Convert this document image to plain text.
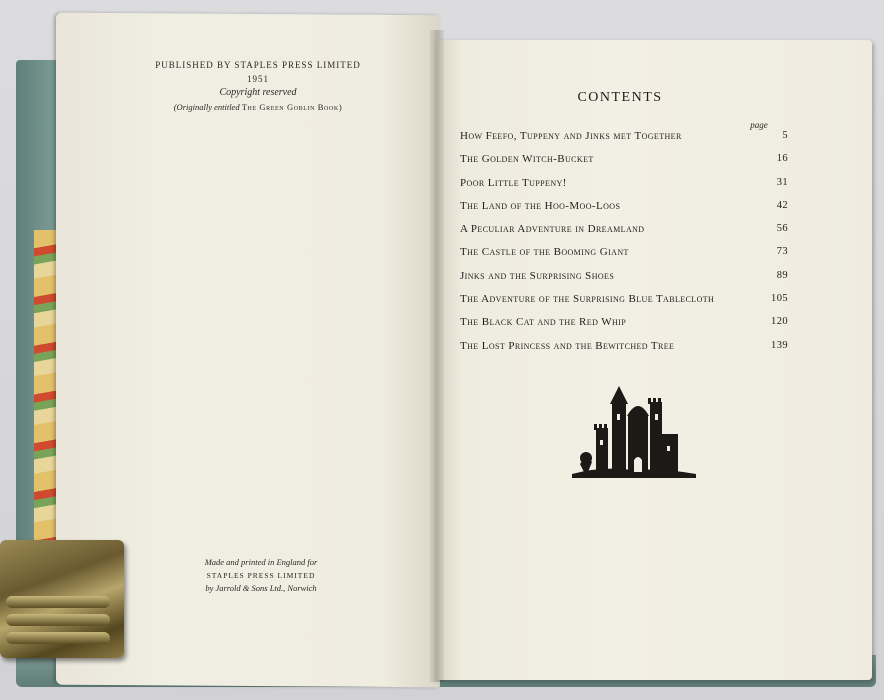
PUBLISHED BY STAPLES PRESS LIMITED 1951
Copyright reserved
(Originally entitled The Green Goblin Book)
Made and printed in England for
STAPLES PRESS LIMITED
by Jarrold & Sons Ltd., Norwich
CONTENTS
page
How Feefo, Tuppeny and Jinks met Together	5
The Golden Witch-Bucket	16
Poor Little Tuppeny!	31
The Land of the Hoo-Moo-Loos	42
A Peculiar Adventure in Dreamland	56
The Castle of the Booming Giant	73
Jinks and the Surprising Shoes	89
The Adventure of the Surprising Blue Tablecloth	105
The Black Cat and the Red Whip	120
The Lost Princess and the Bewitched Tree	139
